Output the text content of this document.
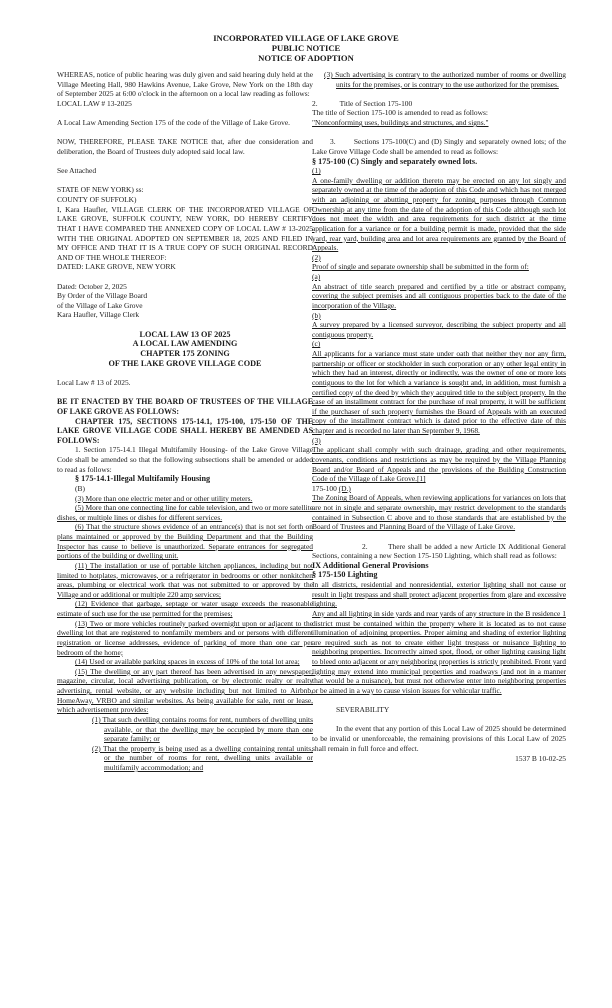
INCORPORATED VILLAGE OF LAKE GROVE
PUBLIC NOTICE
NOTICE OF ADOPTION

WHEREAS, notice of public hearing was duly given and said hearing duly held at the Village Meeting Hall, 980 Hawkins Avenue, Lake Grove, New York on the 18th day of September 2025 at 6:00 o'clock in the afternoon on a local law reading as follows:

LOCAL LAW # 13-2025

A Local Law Amending Section 175 of the code of the Village of Lake Grove.

NOW, THEREFORE, PLEASE TAKE NOTICE that, after due consideration and deliberation, the Board of Trustees duly adopted said local law.

See Attached

STATE OF NEW YORK) ss:

COUNTY OF SUFFOLK)

I, Kara Haufler, VILLAGE CLERK OF THE INCORPORATED VILLAGE OF LAKE GROVE, SUFFOLK COUNTY, NEW YORK, DO HEREBY CERTIFY THAT I HAVE COMPARED THE ANNEXED COPY OF LOCAL LAW # 13-2025 WITH THE ORIGINAL ADOPTED ON SEPTEMBER 18, 2025 AND FILED IN MY OFFICE AND THAT IT IS A TRUE COPY OF SUCH ORIGINAL RECORD AND OF THE WHOLE THEREOF:

DATED: LAKE GROVE, NEW YORK

Dated: October 2, 2025

By Order of the Village Board

of the Village of Lake Grove

Kara Haufler, Village Clerk

LOCAL LAW 13 OF 2025
A LOCAL LAW AMENDING
CHAPTER 175 ZONING
OF THE LAKE GROVE VILLAGE CODE

Local Law # 13 of 2025.

BE IT ENACTED BY THE BOARD OF TRUSTEES OF THE VILLAGE OF LAKE GROVE AS FOLLOWS:

CHAPTER 175, SECTIONS 175-14.1, 175-100, 175-150 OF THE LAKE GROVE VILLAGE CODE SHALL HEREBY BE AMENDED AS FOLLOWS:

1. Section 175-14.1 Illegal Multifamily Housing- of the Lake Grove Village Code shall be amended so that the following subsections shall be amended or added to read as follows:

§ 175-14.1-Illegal Multifamily Housing

(B)

(3) More than one electric meter and or other utility meters.

(5) More than one connecting line for cable television, and two or more satellite dishes, or multiple lines or dishes for different services.

(6) That the structure shows evidence of an entrance(s) that is not set forth on plans maintained or approved by the Building Department and that the Building Inspector has cause to believe is unauthorized. Separate entrances for segregated portions of the building or dwelling unit.

(11) The installation or use of portable kitchen appliances, including but not limited to hotplates, microwaves, or a refrigerator in bedrooms or other nonkitchen areas, plumbing or electrical work that was not submitted to or approved by the Village and or additional or multiple 220 amp services;

(12) Evidence that garbage, septage or water usage exceeds the reasonable estimate of such use for the use permitted for the premises;

(13) Two or more vehicles routinely parked overnight upon or adjacent to the dwelling lot that are registered to nonfamily members and or persons with different registration or license addresses, evidence of parking of more than one car per bedroom of the home;

(14) Used or available parking spaces in excess of 10% of the total lot area;

(15) The dwelling or any part thereof has been advertised in any newspaper, magazine, circular, local advertising publication, or by electronic realty or realty advertising, rental website, or any website including but not limited to Airbnb, HomeAway, VRBO and similar websites. As being available for sale, rent or lease, which advertisement provides:

(1) That such dwelling contains rooms for rent, numbers of dwelling units available, or that the dwelling may be occupied by more than one separate family; or

(2) That the property is being used as a dwelling containing rental units, or the number of rooms for rent, dwelling units available or multifamily accommodation; and

(3) Such advertising is contrary to the authorized number of rooms or dwelling units for the premises, or is contrary to the use authorized for the premises.

2.	Title of Section 175-100

The title of Section 175-100 is amended to read as follows:

"Nonconforming uses, buildings and structures, and signs."

3.        Sections 175-100(C) and (D) Singly and separately owned lots; of the Lake Grove Village Code shall be amended to read as follows:

§ 175-100 (C) Singly and separately owned lots.

(1)

A one-family dwelling or addition thereto may be erected on any lot singly and separately owned at the time of the adoption of this Code and which has not merged with an adjoining or abutting property for zoning purposes through Common Ownership at any time from the date of the adoption of this Code although such lot does not meet the width and area requirements for such district at the time application for a variance or for a building permit is made, provided that the side yard, rear yard, building area and lot area requirements are granted by the Board of Appeals.

(2)

Proof of single and separate ownership shall be submitted in the form of:

(a)

An abstract of title search prepared and certified by a title or abstract company, covering the subject premises and all contiguous properties back to the date of the incorporation of the Village.

(b)

A survey prepared by a licensed surveyor, describing the subject property and all contiguous property.

(c)

All applicants for a variance must state under oath that neither they nor any firm, partnership or officer or stockholder in such corporation or any other legal entity in which they had an interest, directly or indirectly, was the owner of one or more lots contiguous to the lot for which a variance is sought and, in addition, must furnish a certified copy of the deed by which they acquired title to the subject property. In the case of an installment contract for the purchase of real property, it will be sufficient if the purchaser of such property furnishes the Board of Appeals with an executed copy of the installment contract which is dated prior to the effective date of this chapter and is recorded no later than September 9, 1968.

(3)

The applicant shall comply with such drainage, grading and other requirements, covenants, conditions and restrictions as may be required by the Village Planning Board and/or Board of Appeals and the provisions of the Building Construction Code of the Village of Lake Grove.[1]

175-100 (D.)

The Zoning Board of Appeals, when reviewing applications for variances on lots that are not in single and separate ownership, may restrict development to the standards contained in Subsection C above and to those standards that are established by the Board of Trustees and Planning Board of the Village of Lake Grove.

2.        There shall be added a new Article IX Additional General Sections, containing a new Section 175-150 Lighting, which shall read as follows:

IX Additional General Provisions

§ 175-150 Lighting

In all districts, residential and nonresidential, exterior lighting shall not cause or result in light trespass and shall protect adjacent properties from glare and excessive lighting.

Any and all lighting in side yards and rear yards of any structure in the B residence 1 district must be contained within the property where it is located as to not cause illumination of adjoining properties. Proper aiming and shading of exterior lighting are required such as not to create either light trespass or nuisance lighting to neighboring properties. Incorrectly aimed spot, flood, or other lighting causing light to bleed onto adjacent or any neighboring properties is strictly prohibited. Front yard lighting may extend into municipal properties and roadways (and not in a manner that would be a nuisance), but must not otherwise enter into neighboring properties or be aimed in a way to cause vision issues for vehicular traffic.

SEVERABILITY

In the event that any portion of this Local Law of 2025 should be determined to be invalid or unenforceable, the remaining provisions of this Local Law of 2025 shall remain in full force and effect.

1537 B 10-02-25
